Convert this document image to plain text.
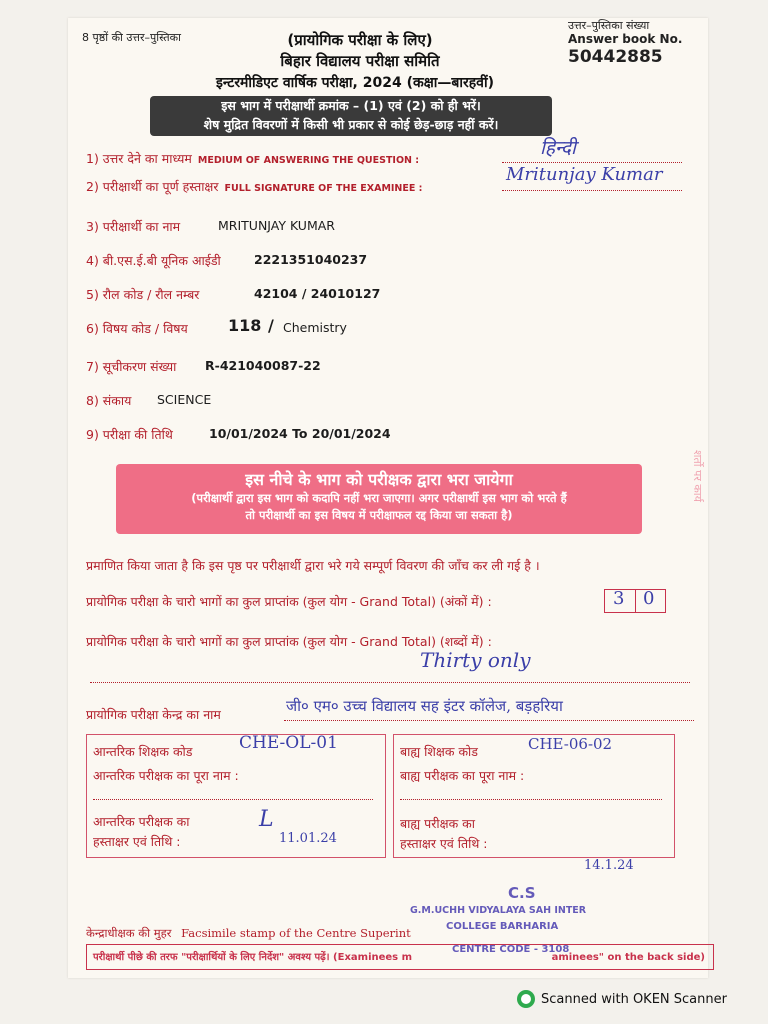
8 पृष्ठों की उत्तर–पुस्तिका	(प्रायोगिक परीक्षा के लिए)
बिहार विद्यालय परीक्षा समिति
इन्टरमीडिएट वार्षिक परीक्षा, 2024 (कक्षा—बारहवीं)
उत्तर–पुस्तिका संख्या
Answer book No.
50442885
इस भाग में परीक्षार्थी क्रमांक – (1) एवं (2) को ही भरें।
शेष मुद्रित विवरणों में किसी भी प्रकार से कोई छेड़-छाड़ नहीं करें।
1) उत्तर देने का माध्यम MEDIUM OF ANSWERING THE QUESTION :
हिन्दी
2) परीक्षार्थी का पूर्ण हस्ताक्षर FULL SIGNATURE OF THE EXAMINEE :
Mritunjay Kumar
3) परीक्षार्थी का नाम	MRITUNJAY KUMAR
4) बी.एस.ई.बी यूनिक आईडी	2221351040237
5) रौल कोड / रौल नम्बर	42104 / 24010127
6) विषय कोड / विषय	118 / Chemistry
7) सूचीकरण संख्या R-421040087-22
8) संकाय SCIENCE
9) परीक्षा की तिथि	10/01/2024 To 20/01/2024
शर्तो पर कार्य
इस नीचे के भाग को परीक्षक द्वारा भरा जायेगा
(परीक्षार्थी द्वारा इस भाग को कदापि नहीं भरा जाएगा। अगर परीक्षार्थी इस भाग को भरते हैं
तो परीक्षार्थी का इस विषय में परीक्षाफल रद्द किया जा सकता है)
प्रमाणित किया जाता है कि इस पृष्ठ पर परीक्षार्थी द्वारा भरे गये सम्पूर्ण विवरण की जाँच कर ली गई है ।
प्रायोगिक परीक्षा के चारो भागों का कुल प्राप्तांक (कुल योग - Grand Total) (अंकों में) :	3 0
प्रायोगिक परीक्षा के चारो भागों का कुल प्राप्तांक (कुल योग - Grand Total) (शब्दों में) :
Thirty only
प्रायोगिक परीक्षा केन्द्र का नाम	जी० एम० उच्च विद्यालय सह इंटर कॉलेज, बड़हरिया
आन्तरिक शिक्षक कोड	CHE-OL-01
आन्तरिक परीक्षक का पूरा नाम :
आन्तरिक परीक्षक का
हस्ताक्षर एवं तिथि :
L
11.01.24
बाह्य शिक्षक कोड	CHE-06-02
बाह्य परीक्षक का पूरा नाम :
बाह्य परीक्षक का
हस्ताक्षर एवं तिथि :
14.1.24
C.S
G.M.UCHH VIDYALAYA SAH INTER
COLLEGE BARHARIA
CENTRE CODE - 3108
केन्द्राधीक्षक की मुहर Facsimile stamp of the Centre Superint
परीक्षार्थी पीछे की तरफ "परीक्षार्थियों के लिए निर्देश" अवश्य पढ़ें। (Examinees m	aminees" on the back side)
Scanned with OKEN Scanner
